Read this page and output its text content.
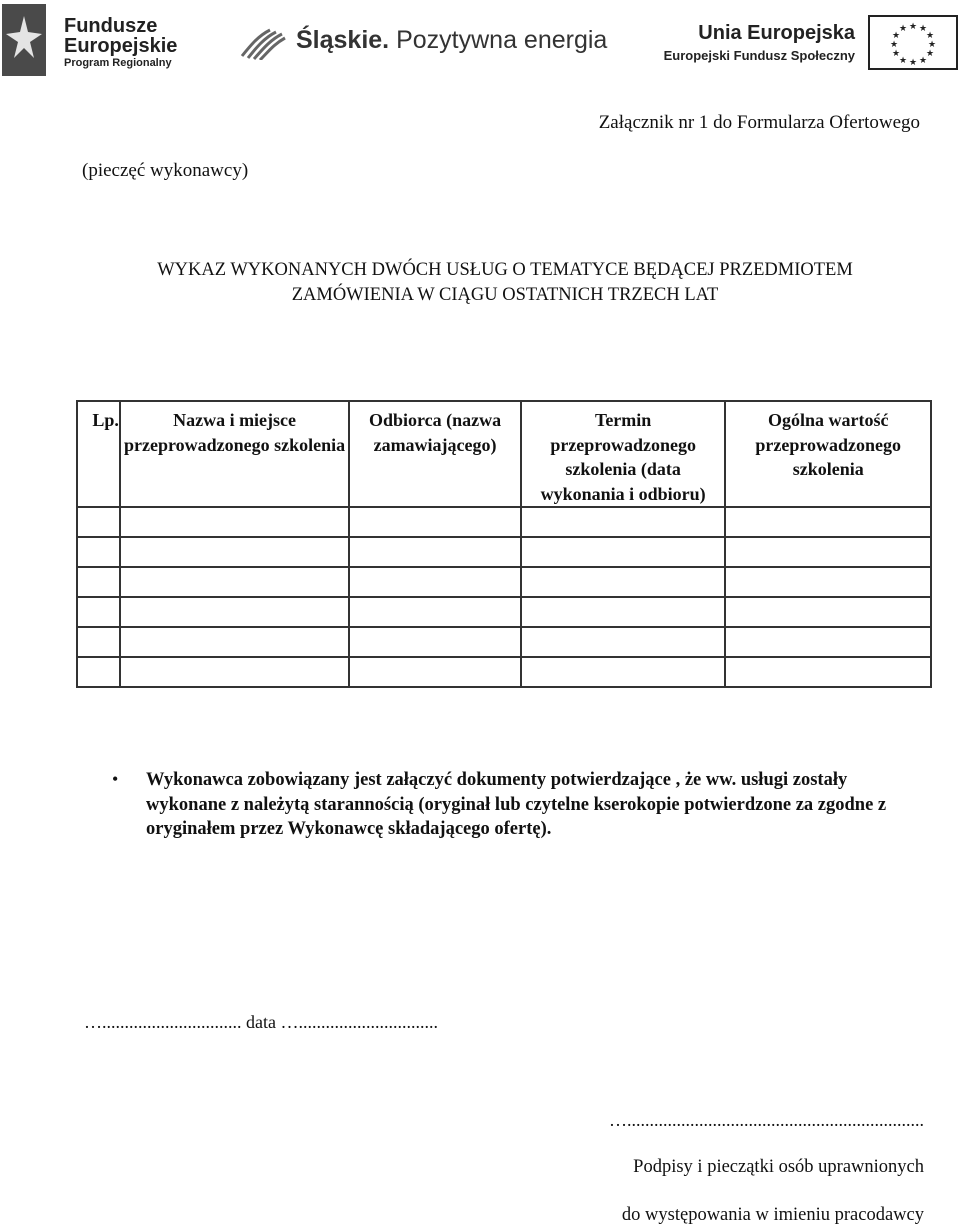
Fundusze
Europejskie
Program Regionalny
Śląskie. Pozytywna energia	Unia Europejska
Europejski Fundusz Społeczny
★ ★
★
★
★
★
★
★
★
★
★
★
Załącznik nr 1 do Formularza Ofertowego
(pieczęć wykonawcy)
WYKAZ WYKONANYCH DWÓCH USŁUG O TEMATYCE BĘDĄCEJ PRZEDMIOTEM
ZAMÓWIENIA W CIĄGU OSTATNICH TRZECH LAT
Lp.	Nazwa i miejsce przeprowadzonego szkolenia	Odbiorca (nazwa zamawiającego)	Termin przeprowadzonego szkolenia (data wykonania i odbioru)	Ogólna wartość przeprowadzonego szkolenia

• Wykonawca zobowiązany jest załączyć dokumenty potwierdzające , że ww. usługi zostały wykonane z należytą starannością (oryginał lub czytelne kserokopie potwierdzone za zgodne z oryginałem przez Wykonawcę składającego ofertę).
…............................... data …...............................
…..................................................................
Podpisy i pieczątki osób uprawnionych
do występowania w imieniu pracodawcy
